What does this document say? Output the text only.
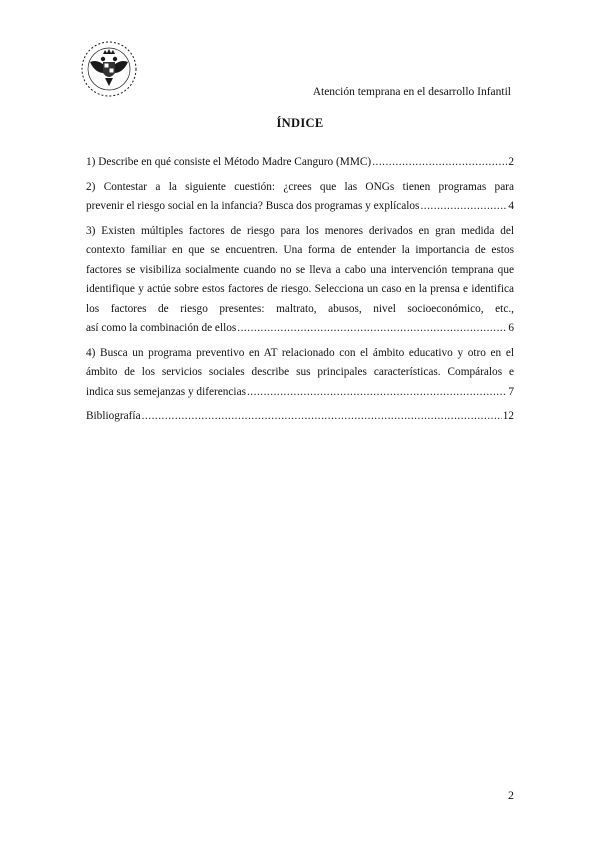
Atención temprana en el desarrollo Infantil
ÍNDICE
1) Describe en qué consiste el Método Madre Canguro (MMC) .....	2
2) Contestar a la siguiente cuestión: ¿crees que las ONGs tienen programas para
prevenir el riesgo social en la infancia? Busca dos programas y explícalos .....	4
3) Existen múltiples factores de riesgo para los menores derivados en gran medida del contexto familiar en que se encuentren. Una forma de entender la importancia de estos factores se visibiliza socialmente cuando no se lleva a cabo una intervención temprana que identifique y actúe sobre estos factores de riesgo. Selecciona un caso en la prensa e identifica los factores de riesgo presentes: maltrato, abusos, nivel socioeconómico, etc.,
así como la combinación de ellos .....	6
4) Busca un programa preventivo en AT relacionado con el ámbito educativo y otro en el ámbito de los servicios sociales describe sus principales características. Compáralos e
indica sus semejanzas y diferencias .....	7
Bibliografía .....	12
2
